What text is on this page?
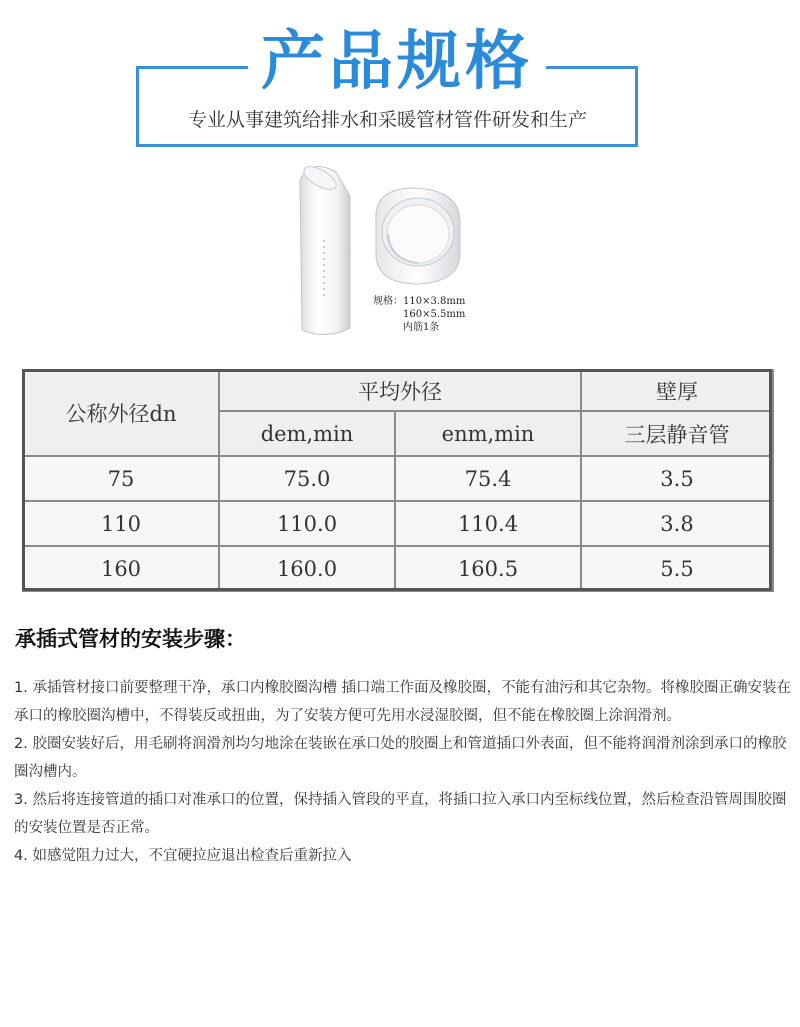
产品规格
专业从事建筑给排水和采暖管材管件研发和生产
规格：110×3.8mm
160×5.5mm
内筋1条
公称外径dn	平均外径		壁厚
	dem,min	enm,min	三层静音管
75	75.0	75.4	3.5
110	110.0	110.4	3.8
160	160.0	160.5	5.5
承插式管材的安装步骤：

1. 承插管材接口前要整理干净，承口内橡胶圈沟槽 插口端工作面及橡胶圈，不能有油污和其它杂物。将橡胶圈正确安装在承口的橡胶圈沟槽中，不得装反或扭曲，为了安装方便可先用水浸湿胶圈，但不能在橡胶圈上涂润滑剂。

2. 胶圈安装好后，用毛刷将润滑剂均匀地涂在装嵌在承口处的胶圈上和管道插口外表面，但不能将润滑剂涂到承口的橡胶圈沟槽内。

3. 然后将连接管道的插口对准承口的位置，保持插入管段的平直，将插口拉入承口内至标线位置，然后检查沿管周围胶圈的安装位置是否正常。

4. 如感觉阻力过大，不宜硬拉应退出检查后重新拉入
